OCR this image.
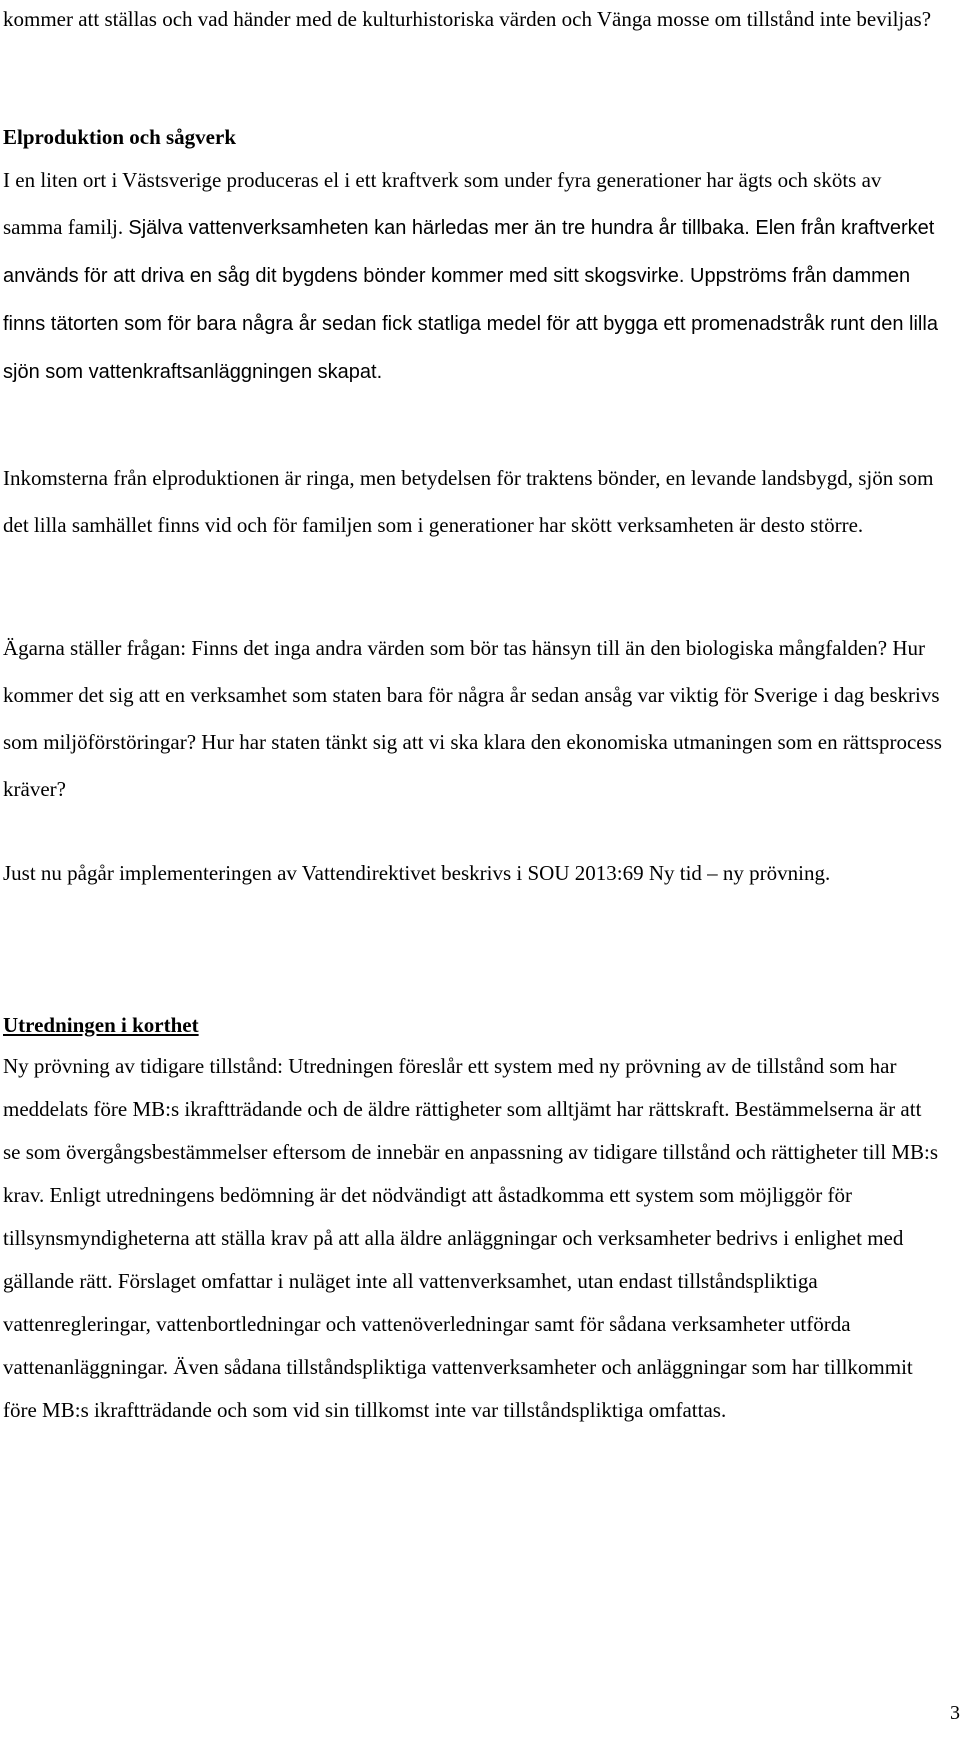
kommer att ställas och vad händer med de kulturhistoriska värden och Vänga mosse om tillstånd inte beviljas?

Elproduktion och sågverk

I en liten ort i Västsverige produceras el i ett kraftverk som under fyra generationer har ägts och sköts av samma familj. Själva vattenverksamheten kan härledas mer än tre hundra år tillbaka. Elen från kraftverket används för att driva en såg dit bygdens bönder kommer med sitt skogsvirke. Uppströms från dammen finns tätorten som för bara några år sedan fick statliga medel för att bygga ett promenadstråk runt den lilla sjön som vattenkraftsanläggningen skapat.

Inkomsterna från elproduktionen är ringa, men betydelsen för traktens bönder, en levande landsbygd, sjön som det lilla samhället finns vid och för familjen som i generationer har skött verksamheten är desto större.

Ägarna ställer frågan: Finns det inga andra värden som bör tas hänsyn till än den biologiska mångfalden? Hur kommer det sig att en verksamhet som staten bara för några år sedan ansåg var viktig för Sverige i dag beskrivs som miljöförstöringar? Hur har staten tänkt sig att vi ska klara den ekonomiska utmaningen som en rättsprocess kräver?

Just nu pågår implementeringen av Vattendirektivet beskrivs i SOU 2013:69 Ny tid – ny prövning.

Utredningen i korthet

Ny prövning av tidigare tillstånd: Utredningen föreslår ett system med ny prövning av de tillstånd som har meddelats före MB:s ikraftträdande och de äldre rättigheter som alltjämt har rättskraft. Bestämmelserna är att se som övergångsbestämmelser eftersom de innebär en anpassning av tidigare tillstånd och rättigheter till MB:s krav. Enligt utredningens bedömning är det nödvändigt att åstadkomma ett system som möjliggör för tillsynsmyndigheterna att ställa krav på att alla äldre anläggningar och verksamheter bedrivs i enlighet med gällande rätt. Förslaget omfattar i nuläget inte all vattenverksamhet, utan endast tillståndspliktiga vattenregleringar, vattenbortledningar och vattenöverledningar samt för sådana verksamheter utförda vattenanläggningar. Även sådana tillståndspliktiga vattenverksamheter och anläggningar som har tillkommit före MB:s ikraftträdande och som vid sin tillkomst inte var tillståndspliktiga omfattas.

3
